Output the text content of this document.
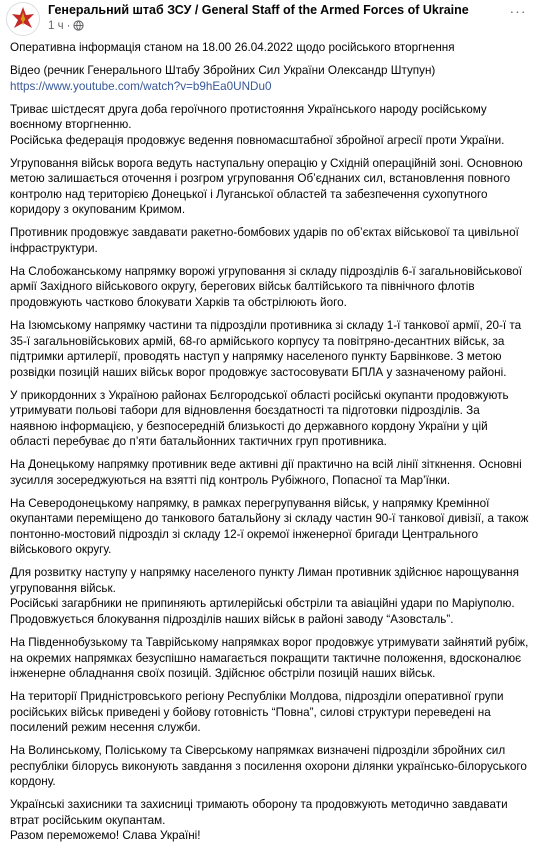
Генеральний штаб ЗСУ / General Staff of the Armed Forces of Ukraine
1 ч ·
···

Оперативна інформація станом на 18.00 26.04.2022 щодо російського вторгнення

Відео (речник Генерального Штабу Збройних Сил України Олександр Штупун)

https://www.youtube.com/watch?v=b9hEa0UNDu0

Триває шістдесят друга доба героїчного протистояння Українського народу російському воєнному вторгненню.

Російська федерація продовжує ведення повномасштабної збройної агресії проти України.

Угруповання військ ворога ведуть наступальну операцію у Східній операційній зоні. Основною метою залишається оточення і розгром угруповання Об’єднаних сил, встановлення повного контролю над територією Донецької і Луганської областей та забезпечення сухопутного коридору з окупованим Кримом.

Противник продовжує завдавати ракетно-бомбових ударів по об’єктах військової та цивільної інфраструктури.

На Слобожанському напрямку ворожі угруповання зі складу підрозділів 6-ї загальновійськової армії Західного військового округу, берегових військ балтійського та північного флотів продовжують частково блокувати Харків та обстрілюють його.

На Ізюмському напрямку частини та підрозділи противника зі складу 1-ї танкової армії, 20-ї та 35-ї загальновійськових армій, 68-го армійського корпусу та повітряно-десантних військ, за підтримки артилерії, проводять наступ у напрямку населеного пункту Барвінкове. З метою розвідки позицій наших військ ворог продовжує застосовувати БПЛА у зазначеному районі.

У прикордонних з Україною районах Бєлгородської області російські окупанти продовжують утримувати польові табори для відновлення боєздатності та підготовки підрозділів. За наявною інформацією, у безпосередній близькості до державного кордону України у цій області перебуває до п’яти батальйонних тактичних груп противника.

На Донецькому напрямку противник веде активні дії практично на всій лінії зіткнення. Основні зусилля зосереджуються на взятті під контроль Рубіжного, Попасної та Мар’їнки.

На Северодонецькому напрямку, в рамках перегрупування військ, у напрямку Кремінної окупантами переміщено до танкового батальйону зі складу частин 90-ї танкової дивізії, а також понтонно-мостовий підрозділ зі складу 12-ї окремої інженерної бригади Центрального військового округу.

Для розвитку наступу у напрямку населеного пункту Лиман противник здійснює нарощування угруповання військ.

Російські загарбники не припиняють артилерійські обстріли та авіаційні удари по Маріуполю. Продовжується блокування підрозділів наших військ в районі заводу “Азовсталь”.

На Південнобузькому та Таврійському напрямках ворог продовжує утримувати зайнятий рубіж, на окремих напрямках безуспішно намагається покращити тактичне положення, вдосконалює інженерне обладнання своїх позицій. Здійснює обстріли позицій наших військ.

На території Придністровського регіону Республіки Молдова, підрозділи оперативної групи російських військ приведені у бойову готовність “Повна”, силові структури переведені на посилений режим несення служби.

На Волинському, Поліському та Сіверському напрямках визначені підрозділи збройних сил республіки білорусь виконують завдання з посилення охорони ділянки українсько-білоруського кордону.

Українські захисники та захисниці тримають оборону та продовжують методично завдавати втрат російським окупантам.

Разом переможемо! Слава Україні!
